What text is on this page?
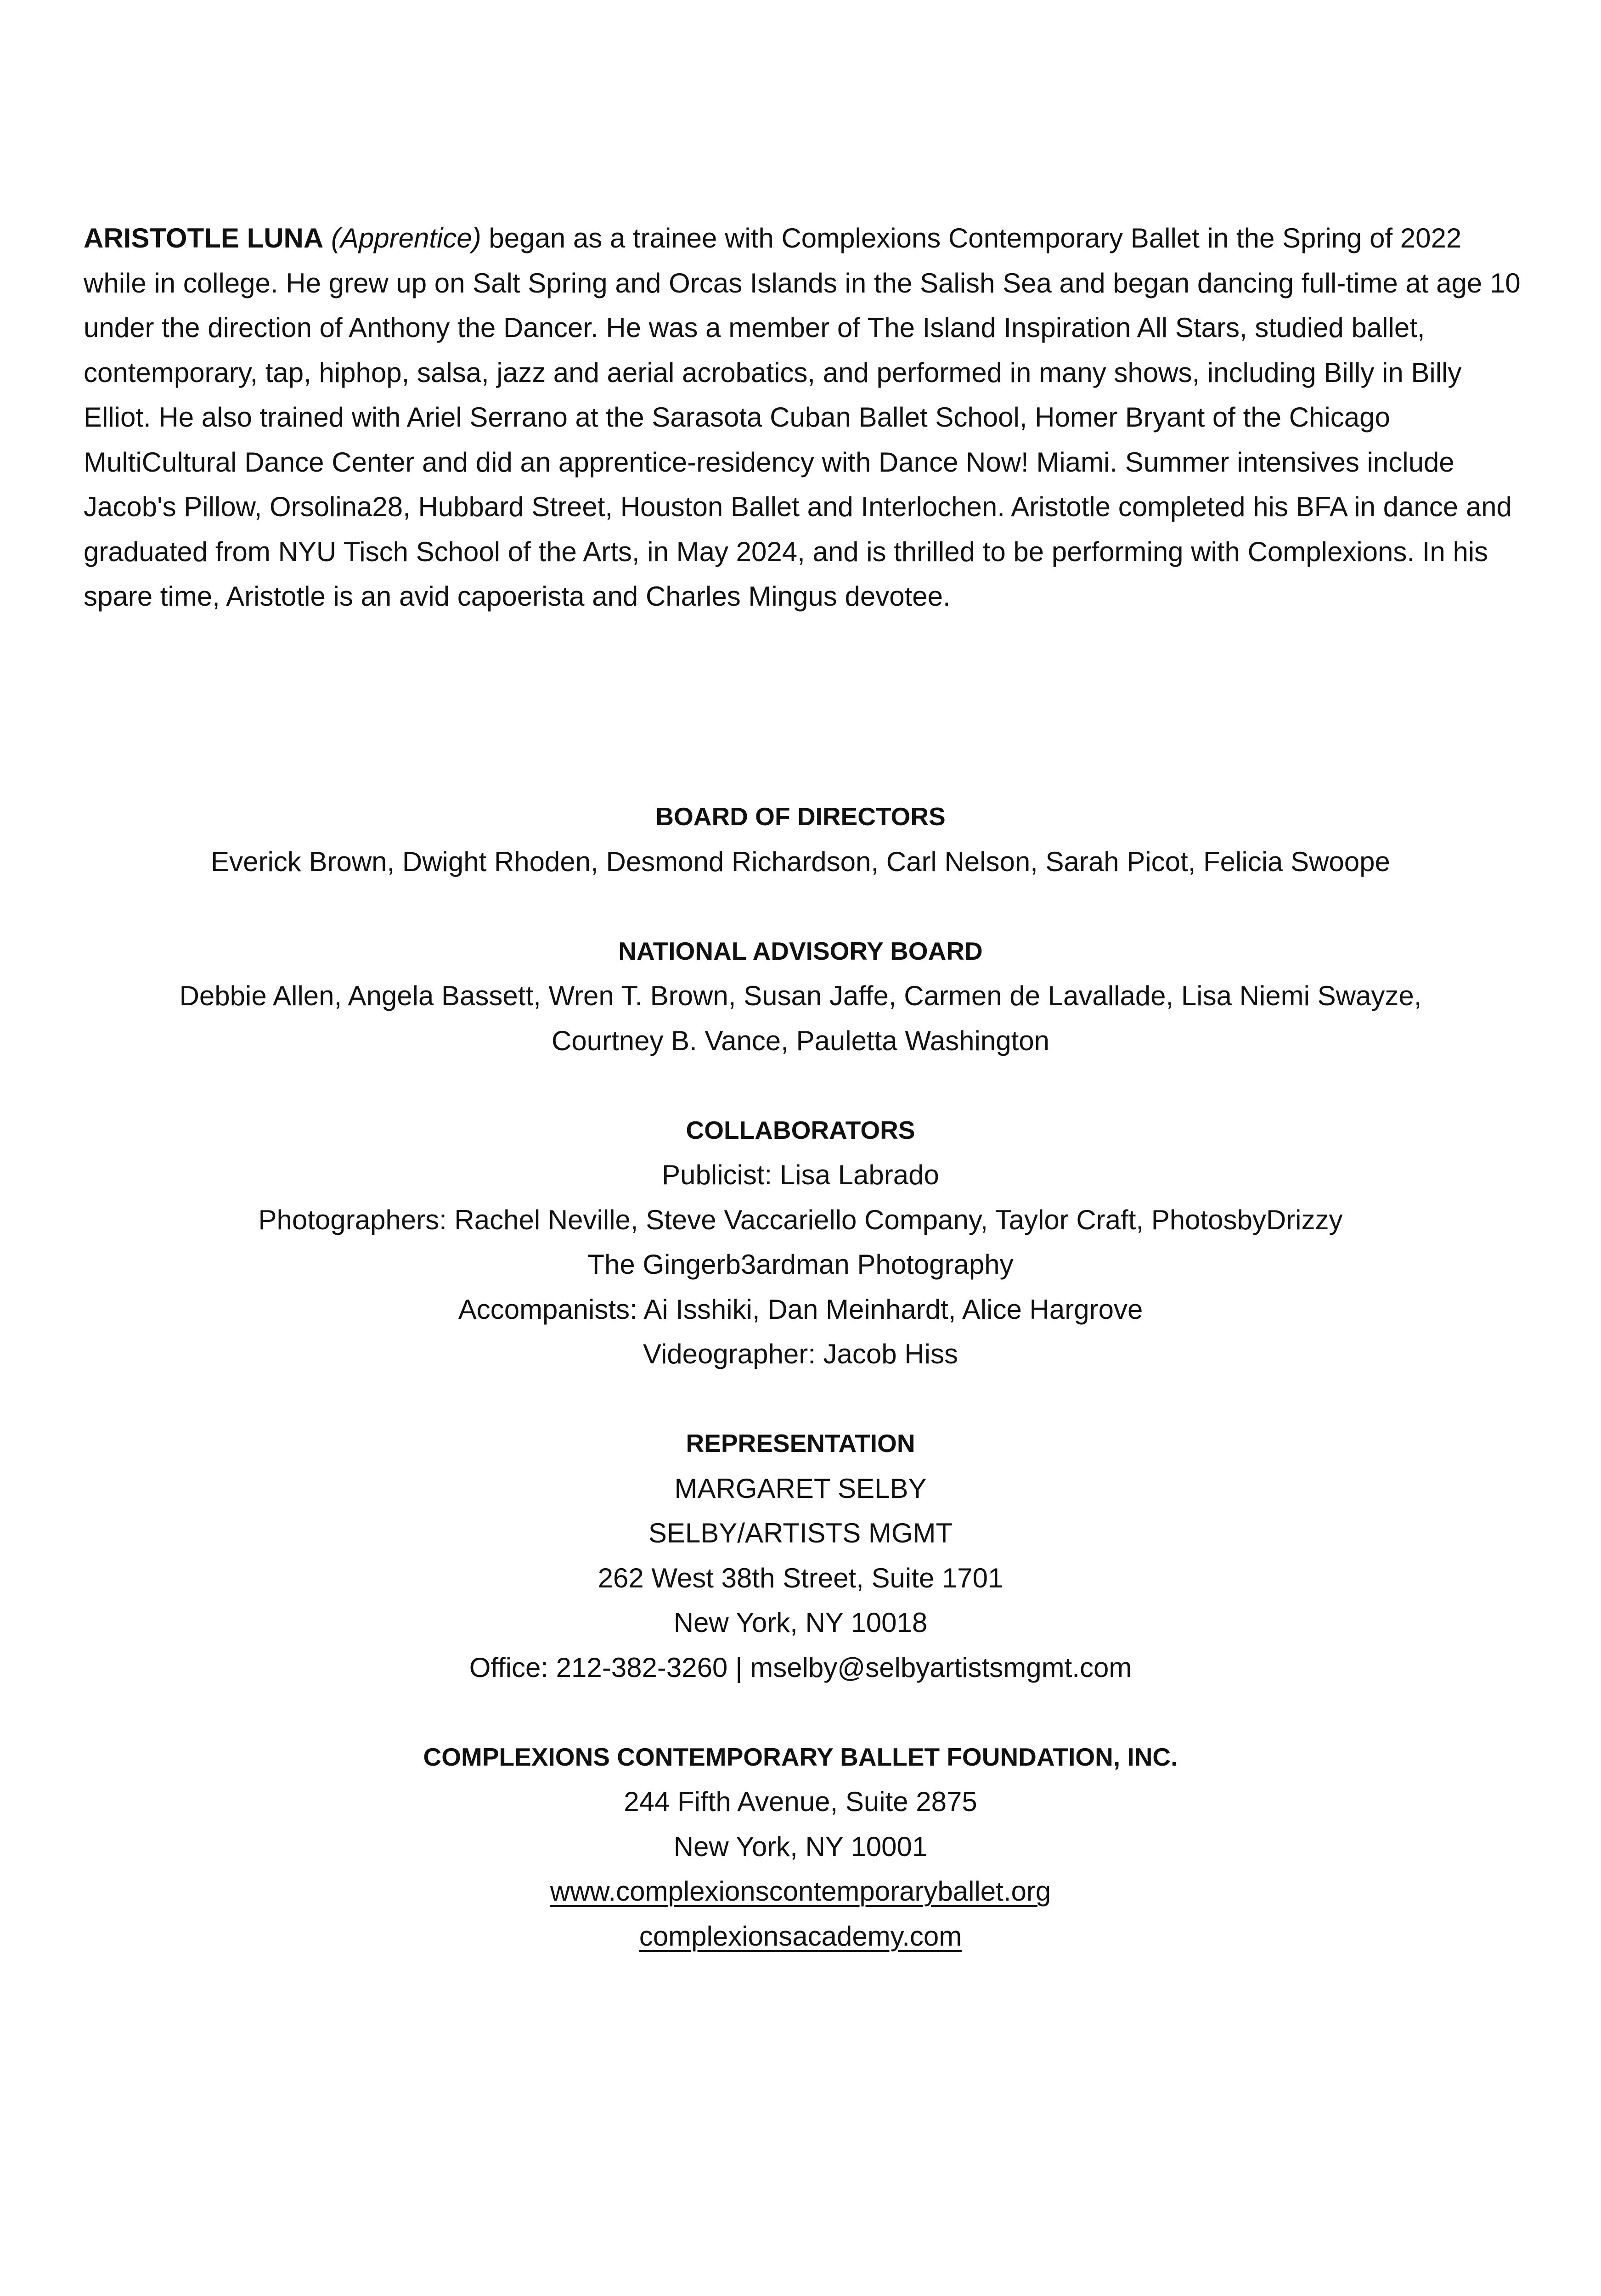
ARISTOTLE LUNA (Apprentice) began as a trainee with Complexions Contemporary Ballet in the Spring of 2022 while in college. He grew up on Salt Spring and Orcas Islands in the Salish Sea and began dancing full-time at age 10 under the direction of Anthony the Dancer. He was a member of The Island Inspiration All Stars, studied ballet, contemporary, tap, hiphop, salsa, jazz and aerial acrobatics, and performed in many shows, including Billy in Billy Elliot. He also trained with Ariel Serrano at the Sarasota Cuban Ballet School, Homer Bryant of the Chicago MultiCultural Dance Center and did an apprentice-residency with Dance Now! Miami. Summer intensives include Jacob's Pillow, Orsolina28, Hubbard Street, Houston Ballet and Interlochen. Aristotle completed his BFA in dance and graduated from NYU Tisch School of the Arts, in May 2024, and is thrilled to be performing with Complexions. In his spare time, Aristotle is an avid capoerista and Charles Mingus devotee.

BOARD OF DIRECTORS
Everick Brown, Dwight Rhoden, Desmond Richardson, Carl Nelson, Sarah Picot, Felicia Swoope
NATIONAL ADVISORY BOARD
Debbie Allen, Angela Bassett, Wren T. Brown, Susan Jaffe, Carmen de Lavallade, Lisa Niemi Swayze,
Courtney B. Vance, Pauletta Washington
COLLABORATORS
Publicist: Lisa Labrado
Photographers: Rachel Neville, Steve Vaccariello Company, Taylor Craft, PhotosbyDrizzy
The Gingerb3ardman Photography
Accompanists: Ai Isshiki, Dan Meinhardt, Alice Hargrove
Videographer: Jacob Hiss
REPRESENTATION
MARGARET SELBY
SELBY/ARTISTS MGMT
262 West 38th Street, Suite 1701
New York, NY 10018
Office: 212-382-3260 | mselby@selbyartistsmgmt.com
COMPLEXIONS CONTEMPORARY BALLET FOUNDATION, INC.
244 Fifth Avenue, Suite 2875
New York, NY 10001
www.complexionscontemporaryballet.org
complexionsacademy.com
